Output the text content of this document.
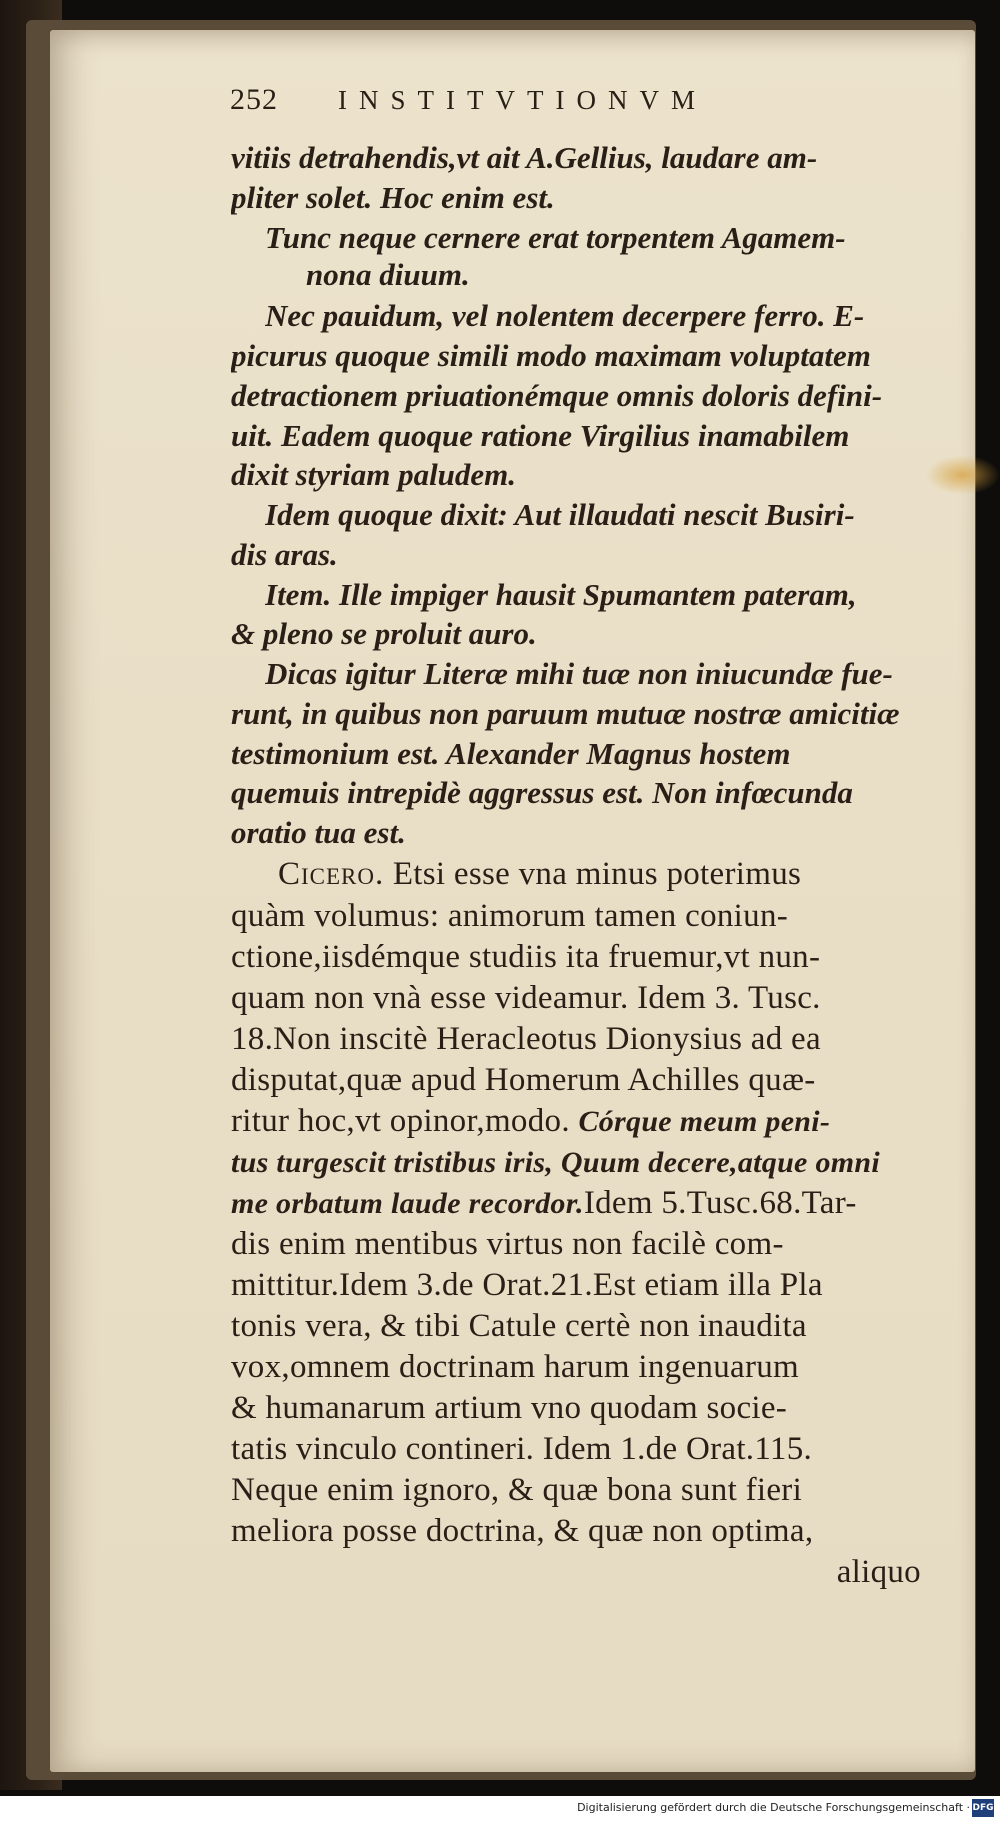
252 INSTITVTIONVM
vitiis detrahendis,vt ait A.Gellius, laudare am-
pliter solet. Hoc enim est.
Tunc neque cernere erat torpentem Agamem-
nona diuum.
Nec pauidum, vel nolentem decerpere ferro. E-
picurus quoque simili modo maximam voluptatem
detractionem priuationémque omnis doloris defini-
uit. Eadem quoque ratione Virgilius inamabilem
dixit styriam paludem.
Idem quoque dixit: Aut illaudati nescit Busiri-
dis aras.
Item. Ille impiger hausit Spumantem pateram,
& pleno se proluit auro.
Dicas igitur Literæ mihi tuæ non iniucundæ fue-
runt, in quibus non paruum mutuæ nostræ amicitiæ
testimonium est. Alexander Magnus hostem
quemuis intrepidè aggressus est. Non infœcunda
oratio tua est.
Cicero. Etsi esse vna minus poterimus
quàm volumus: animorum tamen coniun-
ctione,iisdémque studiis ita fruemur,vt nun-
quam non vnà esse videamur. Idem 3. Tusc.
18.Non inscitè Heracleotus Dionysius ad ea
disputat,quæ apud Homerum Achilles quæ-
ritur hoc,vt opinor,modo. Córque meum peni-
tus turgescit tristibus iris, Quum decere,atque omni
me orbatum laude recordor.Idem 5.Tusc.68.Tar-
dis enim mentibus virtus non facilè com-
mittitur.Idem 3.de Orat.21.Est etiam illa Pla
tonis vera, & tibi Catule certè non inaudita
vox,omnem doctrinam harum ingenuarum
& humanarum artium vno quodam socie-
tatis vinculo contineri. Idem 1.de Orat.115.
Neque enim ignoro, & quæ bona sunt fieri
meliora posse doctrina, & quæ non optima,
aliquo
Digitalisierung gefördert durch die Deutsche Forschungsgemeinschaft · DFG
